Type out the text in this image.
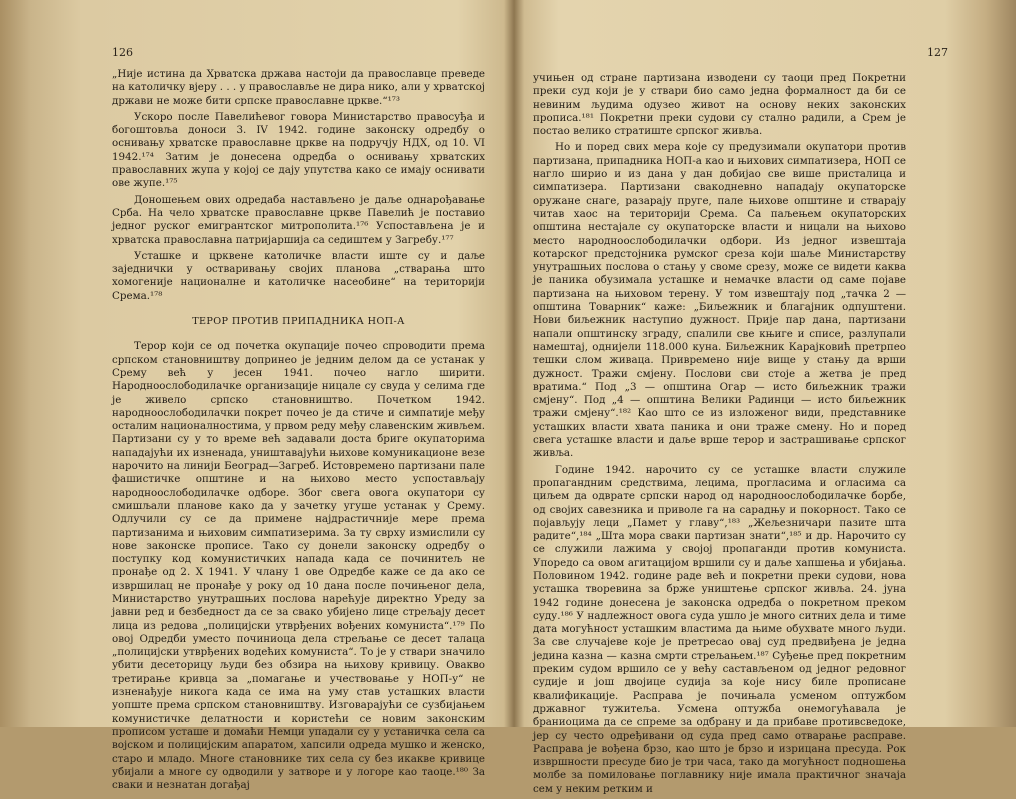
126

„Није истина да Хрватска држава настоји да православце преведе на католичку вјеру . . . у православље не дира нико, али у хрватској држави не може бити српске православне цркве.“¹⁷³

Ускоро после Павелићевог говора Министарство правосуђа и богоштовља доноси 3. IV 1942. године законску одредбу о оснивању хрватске православне цркве на подручју НДХ, од 10. VI 1942.¹⁷⁴ Затим је донесена одредба о оснивању хрватских православних жупа у којој се дају упутства како се имају оснивати ове жупе.¹⁷⁵

Доношењем ових одредаба настављено је даље однарођавање Срба. На чело хрватске православне цркве Павелић је поставио једног руског емигрантског митрополита.¹⁷⁶ Успостављена је и хрватска православна патријаршија са седиштем у Загребу.¹⁷⁷

Усташке и црквене католичке власти иште су и даље заједнички у остваривању својих планова „стварања што хомогеније националне и католичке насеобине“ на територији Срема.¹⁷⁸

ТЕРОР ПРОТИВ ПРИПАДНИКА НОП-А

Терор који се од почетка окупације почео спроводити према српском становништву допринео је једним делом да се устанак у Срему већ у јесен 1941. почео нагло ширити. Народноослободилачке организације ницале су свуда у селима где је живело српско становништво. Почетком 1942. народноослободилачки покрет почео је да стиче и симпатије међу осталим националностима, у првом реду међу славенским живљем. Партизани су у то време већ задавали доста бриге окупаторима нападајући их изненада, уништавајући њихове комуникационе везе нарочито на линији Београд—Загреб. Истовремено партизани пале фашистичке општине и на њихово место успостављају народноослободилачке одборе. Због свега овога окупатори су смишљали планове како да у зачетку угуше устанак у Срему. Одлучили су се да примене најдрастичније мере према партизанима и њиховим симпатизерима. За ту сврху измислили су нове законске прописе. Тако су донели законску одредбу о поступку код комунистичких напада када се починитељ не пронађе од 2. X 1941. У члану 1 ове Одредбе каже се да ако се извршилац не пронађе у року од 10 дана после почињеног дела, Министарство унутрашњих послова нарећује директно Уреду за јавни ред и безбедност да се за свако убијено лице стрељају десет лица из редова „полицијски утврђених вођених комуниста“.¹⁷⁹ По овој Одредби уместо починиоца дела стрељање се десет талаца „полицијски утврђених водећих комуниста“. То је у ствари значило убити десеторицу људи без обзира на њихову кривицу. Овакво третирање кривца за „помагање и учествовање у НОП-у“ не изненађује никога када се има на уму став усташких власти уопште према српском становништву. Изговарајући се сузбијањем комунистичке делатности и користећи се новим законским прописом усташе и домаћи Немци упадали су у устаничка села са војском и полицијским апаратом, хапсили одреда мушко и женско, старо и младо. Многе становнике тих села су без икакве кривице убијали а многе су одводили у затворе и у логоре као таоце.¹⁸⁰ За сваки и незнатан догађај

127

учињен од стране партизана изводени су таоци пред Покретни преки суд који је у ствари био само једна формалност да би се невиним људима одузео живот на основу неких законских прописа.¹⁸¹ Покретни преки судови су стално радили, а Срем је постао велико стратиште српског живља.

Но и поред свих мера које су предузимали окупатори против партизана, припадника НОП-а као и њихових симпатизера, НОП се нагло ширио и из дана у дан добијао све више присталица и симпатизера. Партизани свакодневно нападају окупаторске оружане снаге, разарају пруге, пале њихове општине и стварају читав хаос на територији Срема. Са паљењем окупаторских општина нестајале су окупаторске власти и ницали на њихово место народноослободилачки одбори. Из једног извештаја котарског предстојника румског среза који шаље Министарству унутрашњих послова о стању у своме срезу, може се видети каква је паника обузимала усташке и немачке власти од саме појаве партизана на њиховом терену. У том извештају под „тачка 2 — општина Товарник“ каже: „Биљежник и благајник одпуштени. Нови биљежник наступио дужност. Прије пар дана, партизани напали општинску зграду, спалили све књиге и списе, разлупали намештај, однијели 118.000 куна. Биљежник Карајковић претрпео тешки слом живаца. Привремено није вище у стању да врши дужност. Тражи смјену. Послови сви стоје а жетва је пред вратима.“ Под „3 — општина Огар — исто биљежник тражи смјену“. Под „4 — општина Велики Радинци — исто биљежник тражи смјену“.¹⁸² Као што се из изложеног види, представнике усташких власти хвата паника и они траже смену. Но и поред свега усташке власти и даље врше терор и застрашивање српског живља.

Године 1942. нарочито су се усташке власти служиле пропагандним средствима, лецима, прогласима и огласима са циљем да одврате српски народ од народноослободилачке борбе, од својих савезника и приволе га на сарадњу и покорност. Тако се појављују леци „Памет у главу“,¹⁸³ „Жељезничари пазите шта радите“,¹⁸⁴ „Шта мора сваки партизан знати“,¹⁸⁵ и др. Нарочито су се служили лажима у својој пропаганди против комуниста. Упоредо са овом агитацијом вршили су и даље хапшења и убијања. Половином 1942. године раде већ и покретни преки судови, нова усташка творевина за брже уништење српског живља. 24. јуна 1942 године донесена је законска одредба о покретном преком суду.¹⁸⁶ У надлежност овога суда ушло је много ситних дела и тиме дата могућност усташким властима да њиме обухвате много људи. За све случајеве које је претресао овај суд предвиђена је једна једина казна — казна смрти стрељањем.¹⁸⁷ Суђење пред покретним преким судом вршило се у већу састављеном од једног редовног судије и још двојице судија за које нису биле прописане квалификације. Расправа је почињала усменом оптужбом државног тужитеља. Усмена оптужба онемогућавала је браниоцима да се спреме за одбрану и да прибаве противсведоке, јер су често одређивани од суда пред само отварање расправе. Расправа је вођена брзо, као што је брзо и изрицана пресуда. Рок извршности пресуде био је три часа, тако да могућност подношења молбе за помиловање поглавнику није имала практичног значаја сем у неким ретким и
